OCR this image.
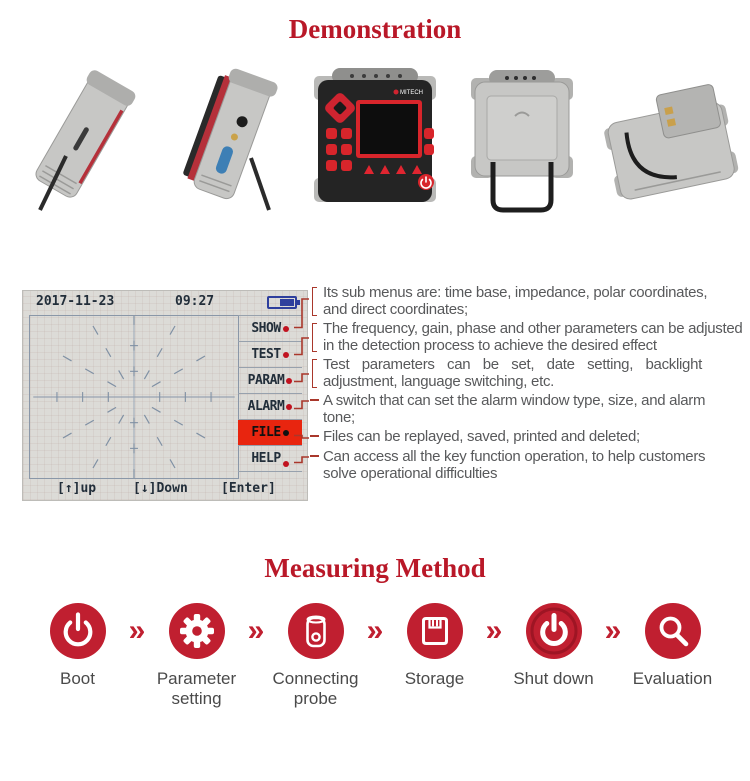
Demonstration
MITECH
2017-11-23	09:27
SHOW
TEST
PARAM
ALARM
FILE
HELP
[↑]up	[↓]Down	[Enter]

Its sub menus are: time base, impedance, polar coordinates, and direct coordinates;

The frequency, gain, phase and other parameters can be adjusted in the detection process to achieve the desired effect

Test parameters can be set, date setting, backlight adjustment, language switching, etc.

A switch that can set the alarm window type, size, and alarm tone;

Files can be replayed, saved, printed and deleted;

Can access all the key function operation, to help customers solve operational difficulties

Measuring Method
Boot
»
Parameter setting
»
Connecting probe
»
Storage
»
Shut down
»
Evaluation
